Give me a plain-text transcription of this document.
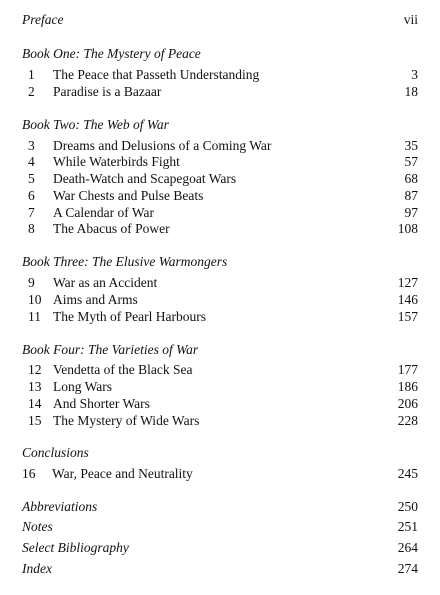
Preface	vii
Book One: The Mystery of Peace
1	The Peace that Passeth Understanding	3
2	Paradise is a Bazaar	18
Book Two: The Web of War
3	Dreams and Delusions of a Coming War	35
4	While Waterbirds Fight	57
5	Death-Watch and Scapegoat Wars	68
6	War Chests and Pulse Beats	87
7	A Calendar of War	97
8	The Abacus of Power	108
Book Three: The Elusive Warmongers
9	War as an Accident	127
10 Aims and Arms	146
11 The Myth of Pearl Harbours	157
Book Four: The Varieties of War
12 Vendetta of the Black Sea	177
13 Long Wars	186
14 And Shorter Wars	206
15 The Mystery of Wide Wars	228
Conclusions
16	War, Peace and Neutrality	245
Abbreviations	250
Notes	251
Select Bibliography	264
Index	274
